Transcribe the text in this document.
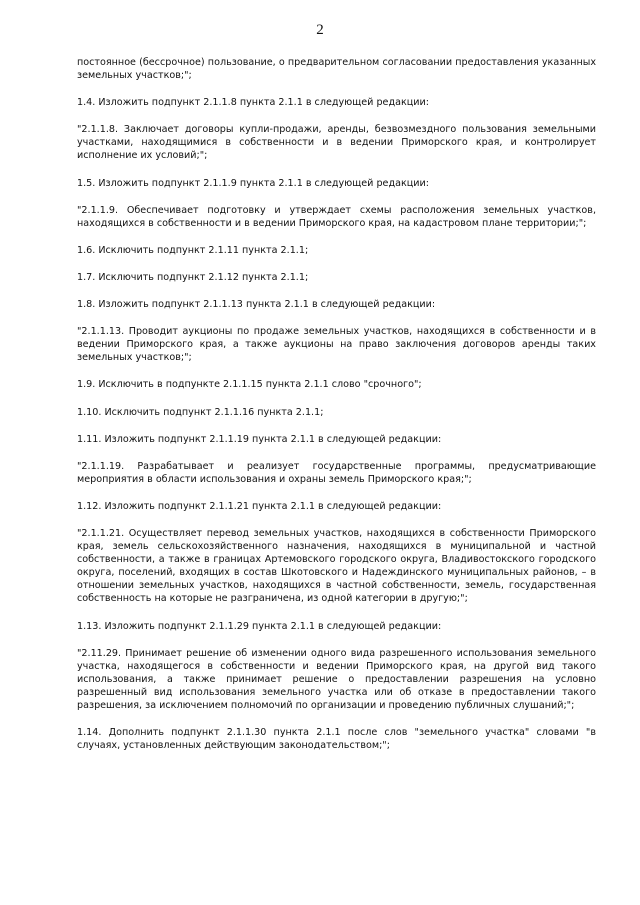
2

постоянное (бессрочное) пользование, о предварительном согласовании предоставления указанных земельных участков;";

1.4. Изложить подпункт 2.1.1.8 пункта 2.1.1 в следующей редакции:

"2.1.1.8. Заключает договоры купли-продажи, аренды, безвозмездного пользования земельными участками, находящимися в собственности и в ведении Приморского края, и контролирует исполнение их условий;";

1.5. Изложить подпункт 2.1.1.9 пункта 2.1.1 в следующей редакции:

"2.1.1.9. Обеспечивает подготовку и утверждает схемы расположения земельных участков, находящихся в собственности и в ведении Приморского края, на кадастровом плане территории;";

1.6. Исключить подпункт 2.1.11 пункта 2.1.1;

1.7. Исключить подпункт 2.1.12 пункта 2.1.1;

1.8. Изложить подпункт 2.1.1.13 пункта 2.1.1 в следующей редакции:

"2.1.1.13. Проводит аукционы по продаже земельных участков, находящихся в собственности и в ведении Приморского края, а также аукционы на право заключения договоров аренды таких земельных участков;";

1.9. Исключить в подпункте 2.1.1.15 пункта 2.1.1 слово "срочного";

1.10. Исключить подпункт 2.1.1.16 пункта 2.1.1;

1.11. Изложить подпункт 2.1.1.19 пункта 2.1.1 в следующей редакции:

"2.1.1.19. Разрабатывает и реализует государственные программы, предусматривающие мероприятия в области использования и охраны земель Приморского края;";

1.12. Изложить подпункт 2.1.1.21 пункта 2.1.1 в следующей редакции:

"2.1.1.21. Осуществляет перевод земельных участков, находящихся в собственности Приморского края, земель сельскохозяйственного назначения, находящихся в муниципальной и частной собственности, а также в границах Артемовского городского округа, Владивостокского городского округа, поселений, входящих в состав Шкотовского и Надеждинского муниципальных районов, – в отношении земельных участков, находящихся в частной собственности, земель, государственная собственность на которые не разграничена, из одной категории в другую;";

1.13. Изложить подпункт 2.1.1.29 пункта 2.1.1 в следующей редакции:

"2.11.29. Принимает решение об изменении одного вида разрешенного использования земельного участка, находящегося в собственности и ведении Приморского края, на другой вид такого использования, а также принимает решение о предоставлении разрешения на условно разрешенный вид использования земельного участка или об отказе в предоставлении такого разрешения, за исключением полномочий по организации и проведению публичных слушаний;";

1.14. Дополнить подпункт 2.1.1.30 пункта 2.1.1 после слов "земельного участка" словами "в случаях, установленных действующим законодательством;";
